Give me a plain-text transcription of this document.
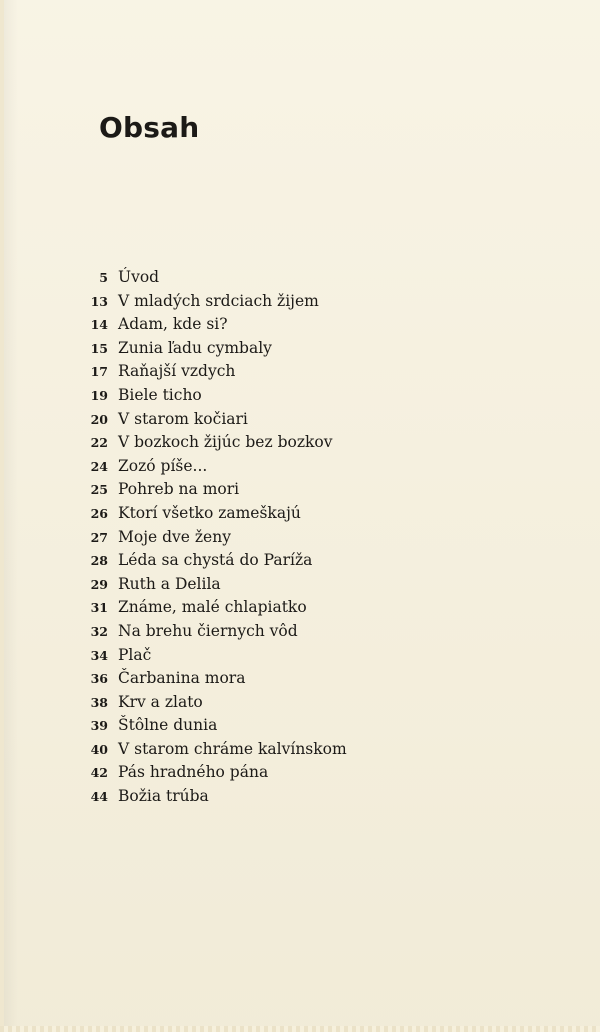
Obsah
5 Úvod
13 V mladých srdciach žijem
14 Adam, kde si?
15 Zunia ľadu cymbaly
17 Raňajší vzdych
19 Biele ticho
20 V starom kočiari
22 V bozkoch žijúc bez bozkov
24 Zozó píše...
25 Pohreb na mori
26 Ktorí všetko zameškajú
27 Moje dve ženy
28 Léda sa chystá do Paríža
29 Ruth a Delila
31 Známe, malé chlapiatko
32 Na brehu čiernych vôd
34 Plač
36 Čarbanina mora
38 Krv a zlato
39 Štôlne dunia
40 V starom chráme kalvínskom
42 Pás hradného pána
44 Božia trúba
